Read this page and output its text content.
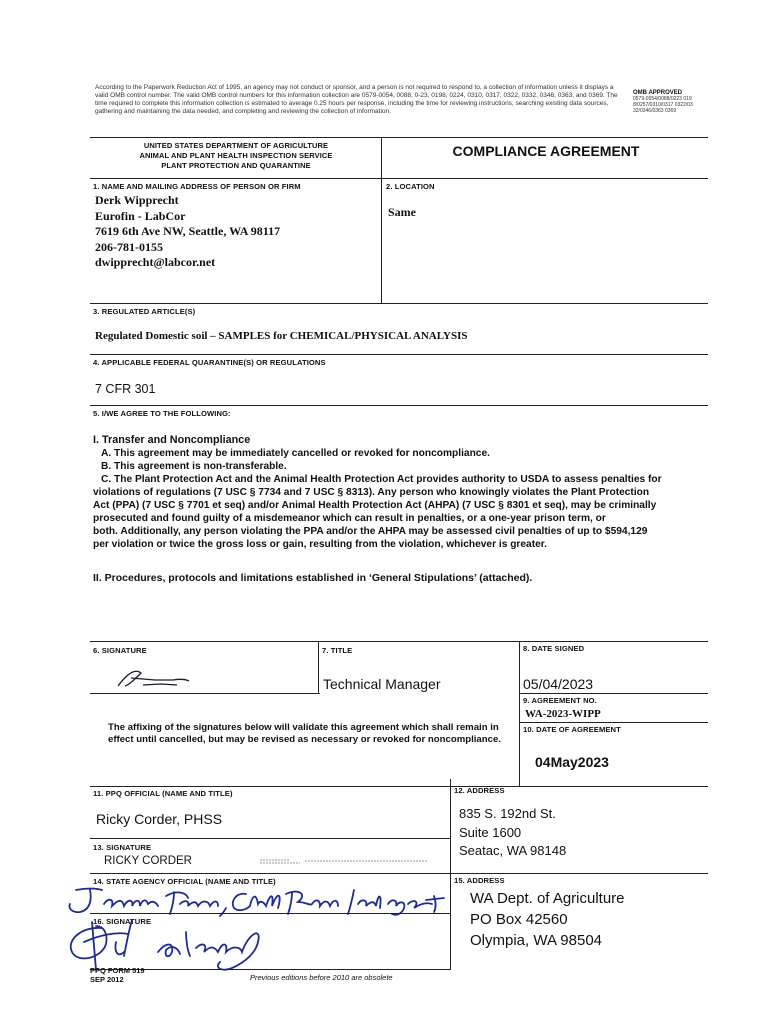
According to the Paperwork Reduction Act of 1995, an agency may not conduct or sponsor, and a person is not required to respond to, a collection of information unless it displays a valid OMB control number. The valid OMB control numbers for this information collection are 0579-0054, 0088, 0-23, 0198, 0224, 0310, 0317, 0322, 0332, 0346, 0363, and 0369. The time required to complete this information collection is estimated to average 0.25 hours per response, including the time for reviewing instructions, searching existing data sources, gathering and maintaining the data needed, and completing and reviewing the collection of information.
OMB APPROVED
0579-0054/0088/0223 0198/0257/0310/0317 0322/0332/0346/0363 0369
UNITED STATES DEPARTMENT OF AGRICULTURE
ANIMAL AND PLANT HEALTH INSPECTION SERVICE
PLANT PROTECTION AND QUARANTINE
COMPLIANCE AGREEMENT
1. NAME AND MAILING ADDRESS OF PERSON OR FIRM
Derk Wipprecht
Eurofin - LabCor
7619 6th Ave NW, Seattle, WA 98117
206-781-0155
dwipprecht@labcor.net
2. LOCATION
Same
3. REGULATED ARTICLE(S)
Regulated Domestic soil – SAMPLES for CHEMICAL/PHYSICAL ANALYSIS
4. APPLICABLE FEDERAL QUARANTINE(S) OR REGULATIONS
7 CFR 301
5. I/WE AGREE TO THE FOLLOWING:
I. Transfer and Noncompliance
A. This agreement may be immediately cancelled or revoked for noncompliance.
B. This agreement is non-transferable.
C. The Plant Protection Act and the Animal Health Protection Act provides authority to USDA to assess penalties for
violations of regulations (7 USC § 7734 and 7 USC § 8313). Any person who knowingly violates the Plant Protection
Act (PPA) (7 USC § 7701 et seq) and/or Animal Health Protection Act (AHPA) (7 USC § 8301 et seq), may be criminally
prosecuted and found guilty of a misdemeanor which can result in penalties, or a one-year prison term, or
both. Additionally, any person violating the PPA and/or the AHPA may be assessed civil penalties of up to $594,129
per violation or twice the gross loss or gain, resulting from the violation, whichever is greater.
II. Procedures, protocols and limitations established in ‘General Stipulations’ (attached).
6. SIGNATURE	7. TITLE	8. DATE SIGNED
Technical Manager	05/04/2023
9. AGREEMENT NO.
WA-2023-WIPP
10. DATE OF AGREEMENT
04May2023
The affixing of the signatures below will validate this agreement which shall remain in
effect until cancelled, but may be revised as necessary or revoked for noncompliance.
11. PPQ OFFICIAL (NAME AND TITLE)
Ricky Corder, PHSS
12. ADDRESS
835 S. 192nd St.
Suite 1600
Seatac, WA 98148
13. SIGNATURE
RICKY CORDER
14. STATE AGENCY OFFICIAL (NAME AND TITLE)	15. ADDRESS
WA Dept. of Agriculture
PO Box 42560
Olympia, WA 98504
16. SIGNATURE
PPQ FORM 519
SEP 2012	Previous editions before 2010 are obsolete
